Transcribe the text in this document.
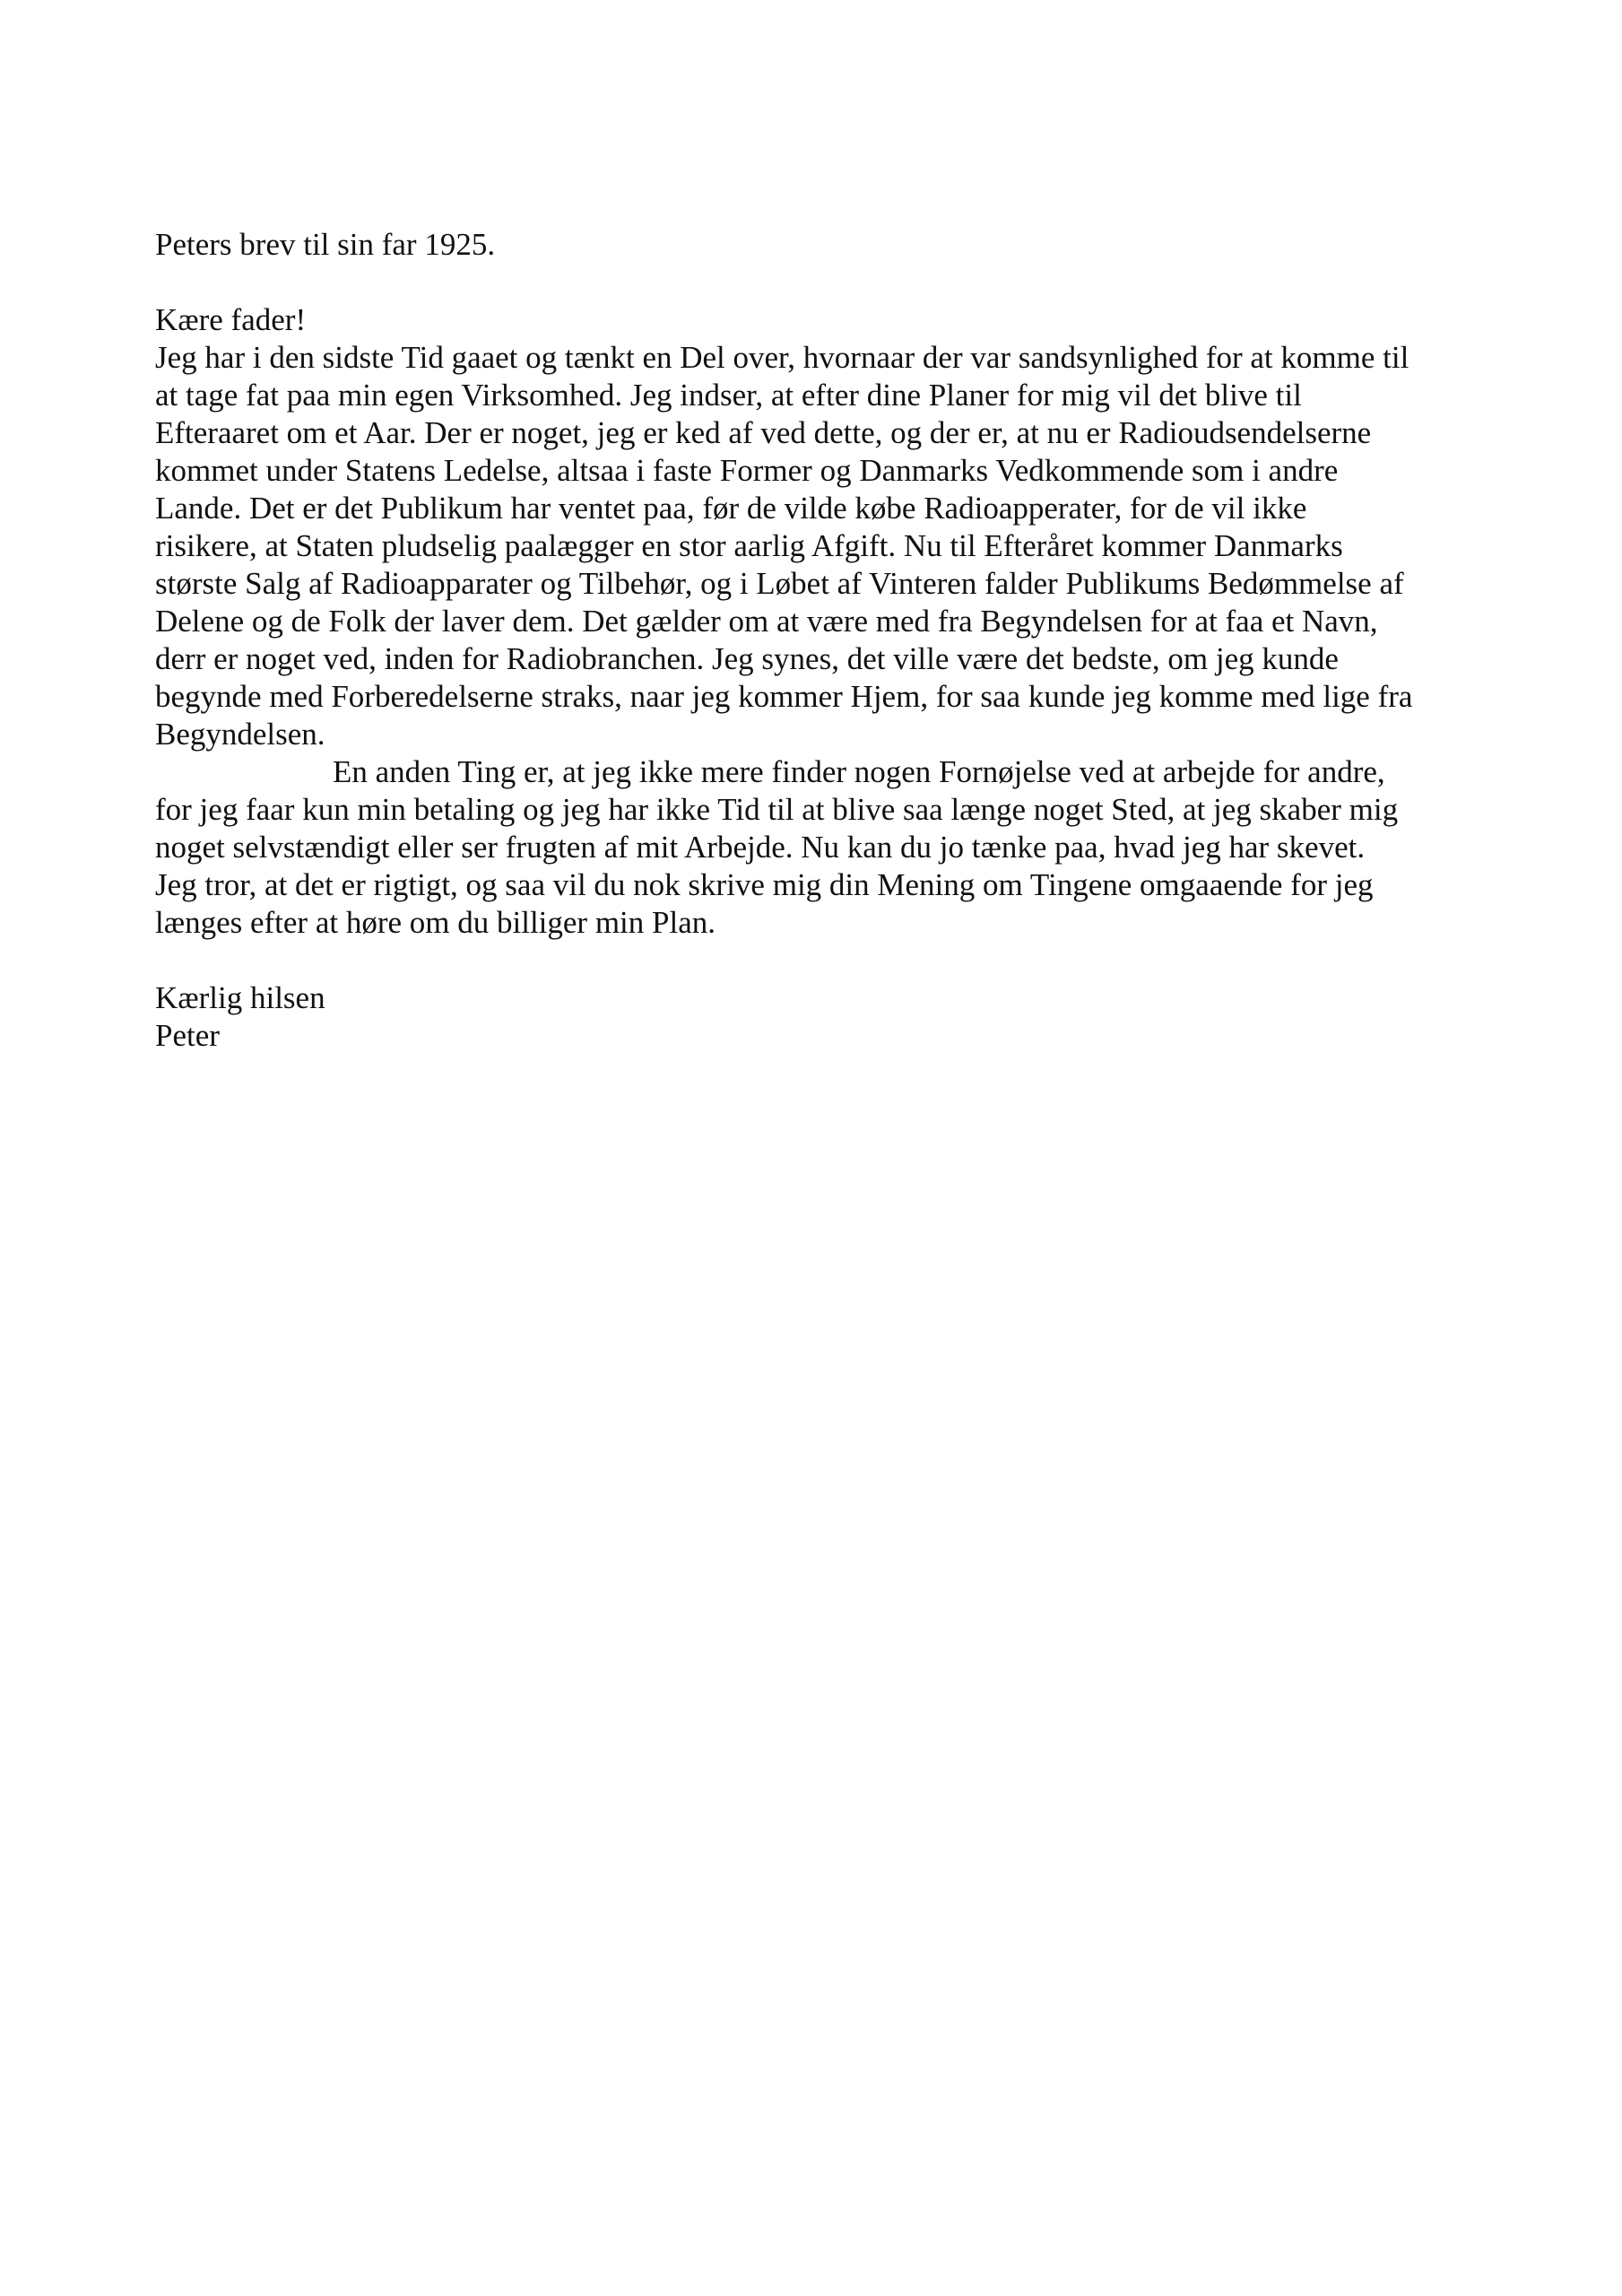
Peters brev til sin far 1925.
Kære fader!
Jeg har i den sidste Tid gaaet og tænkt en Del over, hvornaar der var sandsynlighed for at komme til
at tage fat paa min egen Virksomhed. Jeg indser, at efter dine Planer for mig vil det blive til
Efteraaret om et Aar. Der er noget, jeg er ked af ved dette, og der er, at nu er Radioudsendelserne
kommet under Statens Ledelse, altsaa i faste Former og Danmarks Vedkommende som i andre
Lande. Det er det Publikum har ventet paa, før de vilde købe Radioapperater, for de vil ikke
risikere, at Staten pludselig paalægger en stor aarlig Afgift. Nu til Efteråret kommer Danmarks
største Salg af Radioapparater og Tilbehør, og i Løbet af Vinteren falder Publikums Bedømmelse af
Delene og de Folk der laver dem. Det gælder om at være med fra Begyndelsen for at faa et Navn,
derr er noget ved, inden for Radiobranchen. Jeg synes, det ville være det bedste, om jeg kunde
begynde med Forberedelserne straks, naar jeg kommer Hjem, for saa kunde jeg komme med lige fra
Begyndelsen.
En anden Ting er, at jeg ikke mere finder nogen Fornøjelse ved at arbejde for andre,
for jeg faar kun min betaling og jeg har ikke Tid til at blive saa længe noget Sted, at jeg skaber mig
noget selvstændigt eller ser frugten af mit Arbejde. Nu kan du jo tænke paa, hvad jeg har skevet.
Jeg tror, at det er rigtigt, og saa vil du nok skrive mig din Mening om Tingene omgaaende for jeg
længes efter at høre om du billiger min Plan.
Kærlig hilsen
Peter
